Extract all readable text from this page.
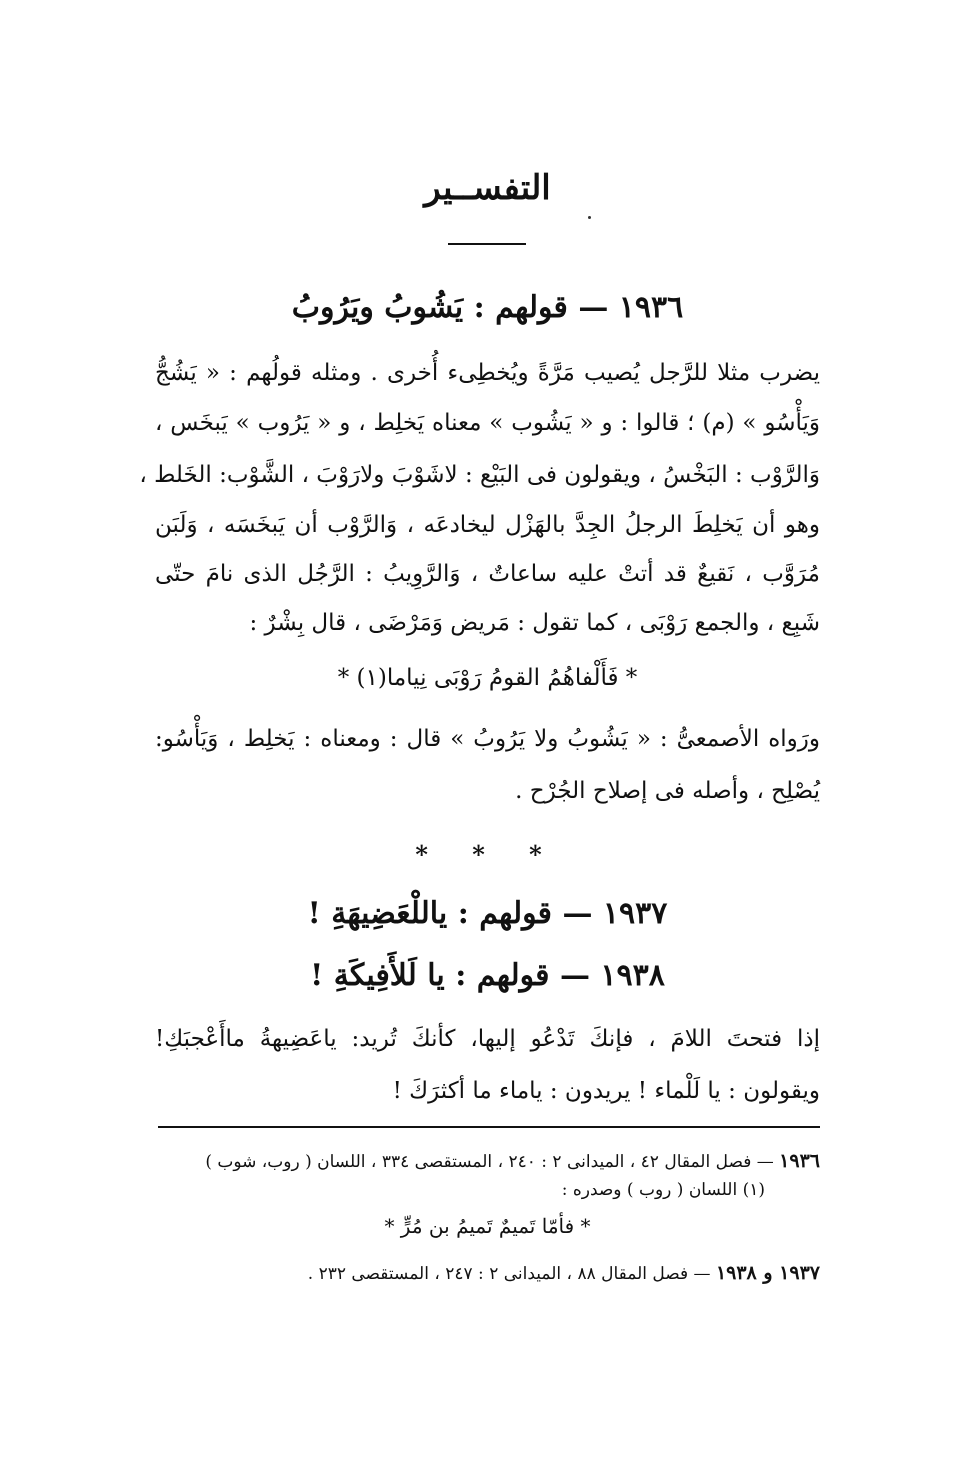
التفســير
١٩٣٦ — قولهم : يَشُوبُ ويَرُوبُ
يضرب مثلا للرَّجل يُصيب مَرَّةً ويُخطِىء أُخرى . ومثله قولُهم : « يَشُجُّ
وَيَأْسُو » (م) ؛ قالوا : و « يَشُوب » معناه يَخلِط ، و « يَرُوب » يَبخَس ،
وَالرَّوْب : البَخْسُ ، ويقولون فى البَيْع : لاشَوْبَ ولارَوْبَ ، الشَّوْب: الخَلط ،
وهو أن يَخلِطَ الرجلُ الجِدَّ بالهَزْل ليخادعَه ، وَالرَّوْب أن يَبخَسَه ، وَلَبَن
مُرَوَّب ، نَقيعٌ قد أتتْ عليه ساعاتٌ ، وَالرَّوِيبُ : الرَّجُل الذى نامَ حتّى
شَبِع ، والجمع رَوْبَى ، كما تقول : مَريض وَمَرْضَى ، قال بِشْرٌ :
* فَأَلْفاهُمُ القومُ رَوْبَى نِياما(١) *
ورَواه الأصمعىُّ : « يَشُوبُ ولا يَرُوبُ » قال : ومعناه : يَخلِط ، وَيَأْسُو:
يُصْلِح ، وأصله فى إصلاح الجُرْح .
* * *
١٩٣٧ — قولهم : ياللْعَضِيهَةِ !
١٩٣٨ — قولهم : يا لَلأَفِيكَةِ !
إذا فتحتَ اللامَ ، فإنكَ تَدْعُو إليها، كأنكَ تُريد: ياعَضِيهةُ ماأَعْجبَكِ!
ويقولون : يا لَلْماء ! يريدون : ياماء ما أكثرَكَ !
١٩٣٦ — فصل المقال ٤٢ ، الميدانى ٢ : ٢٤٠ ، المستقصى ٣٣٤ ، اللسان ( روب، شوب )
(١) اللسان ( روب ) وصدره :
* فأمّا تَميمٌ تَميمُ بن مُرٍّ *
١٩٣٧ و ١٩٣٨ — فصل المقال ٨٨ ، الميدانى ٢ : ٢٤٧ ، المستقصى ٢٣٢ .
